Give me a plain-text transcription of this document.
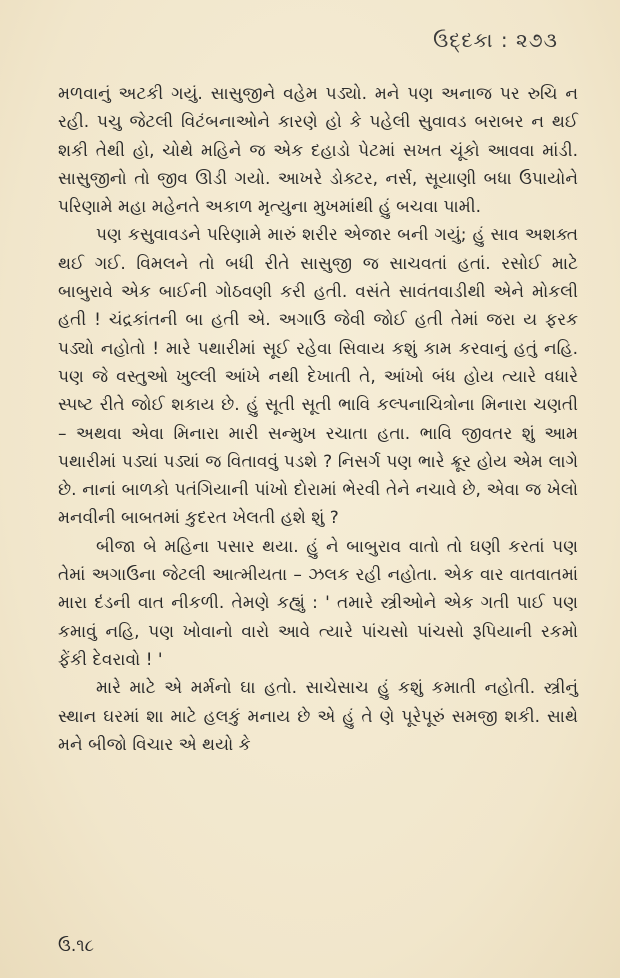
ઉદ્દકા : ૨૭૩

મળવાનું અટકી ગયું. સાસુજીને વહેમ પડ્યો. મને પણ અનાજ પર રુચિ ન રહી. પચુ જેટલી વિટંબનાઓને કારણે હો કે પહેલી સુવાવડ બરાબર ન થઈ શકી તેથી હો, ચોથે મહિને જ એક દહાડો પેટમાં સખત ચૂંકો આવવા માંડી. સાસુજીનો તો જીવ ઊડી ગયો. આખરે ડોક્ટર, નર્સ, સૂયાણી બધા ઉપાયોને પરિણામે મહા મહેનતે અકાળ મૃત્યુના મુખમાંથી હું બચવા પામી.

પણ કસુવાવડને પરિણામે મારું શરીર એજાર બની ગયું; હું સાવ અશક્ત થઈ ગઈ. વિમલને તો બધી રીતે સાસુજી જ સાચવતાં હતાં. રસોઈ માટે બાબુરાવે એક બાઈની ગોઠવણી કરી હતી. વસંતે સાવંતવાડીથી એને મોકલી હતી ! ચંદ્રકાંતની બા હતી એ. અગાઉ જેવી જોઈ હતી તેમાં જરા ય ફરક પડ્યો નહોતો ! મારે પથારીમાં સૂઈ રહેવા સિવાય કશું કામ કરવાનું હતું નહિ. પણ જે વસ્તુઓ ખુલ્લી આંખે નથી દેખાતી તે, આંખો બંધ હોય ત્યારે વધારે સ્પષ્ટ રીતે જોઈ શકાય છે. હું સૂતી સૂતી ભાવિ કલ્પનાચિત્રોના મિનારા ચણતી – અથવા એવા મિનારા મારી સન્મુખ રચાતા હતા. ભાવિ જીવતર શું આમ પથારીમાં પડ્યાં પડ્યાં જ વિતાવવું પડશે ? નિસર્ગ પણ ભારે ક્રૂર હોય એમ લાગે છે. નાનાં બાળકો પતંગિયાની પાંખો દોરામાં ભેરવી તેને નચાવે છે, એવા જ ખેલો મનવીની બાબતમાં કુદરત ખેલતી હશે શું ?

બીજા બે મહિના પસાર થયા. હું ને બાબુરાવ વાતો તો ઘણી કરતાં પણ તેમાં અગાઉના જેટલી આત્મીયતા – ઝલક રહી નહોતા. એક વાર વાતવાતમાં મારા દંડની વાત નીકળી. તેમણે કહ્યું : ' તમારે સ્ત્રીઓને એક ગતી પાઈ પણ કમાવું નહિ, પણ ખોવાનો વારો આવે ત્યારે પાંચસો પાંચસો રૂપિયાની રકમો ફેંકી દેવરાવો ! '

મારે માટે એ મર્મનો ઘા હતો. સાચેસાચ હું કશું કમાતી નહોતી. સ્ત્રીનું સ્થાન ઘરમાં શા માટે હલકું મનાય છે એ હું તે ણે પૂરેપૂરું સમજી શકી. સાથે મને બીજો વિચાર એ થયો કે

ઉ.૧૮
